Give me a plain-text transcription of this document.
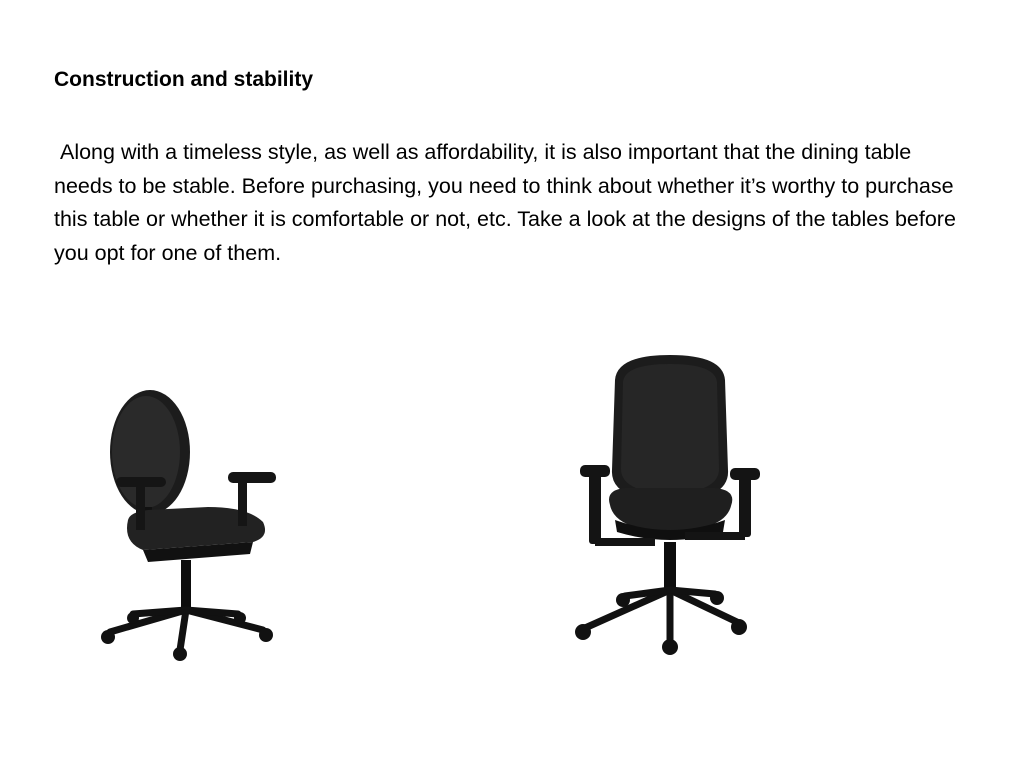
Construction and stability

Along with a timeless style, as well as affordability, it is also important that the dining table needs to be stable. Before purchasing, you need to think about whether it’s worthy to purchase this table or whether it is comfortable or not, etc. Take a look at the designs of the tables before you opt for one of them.
